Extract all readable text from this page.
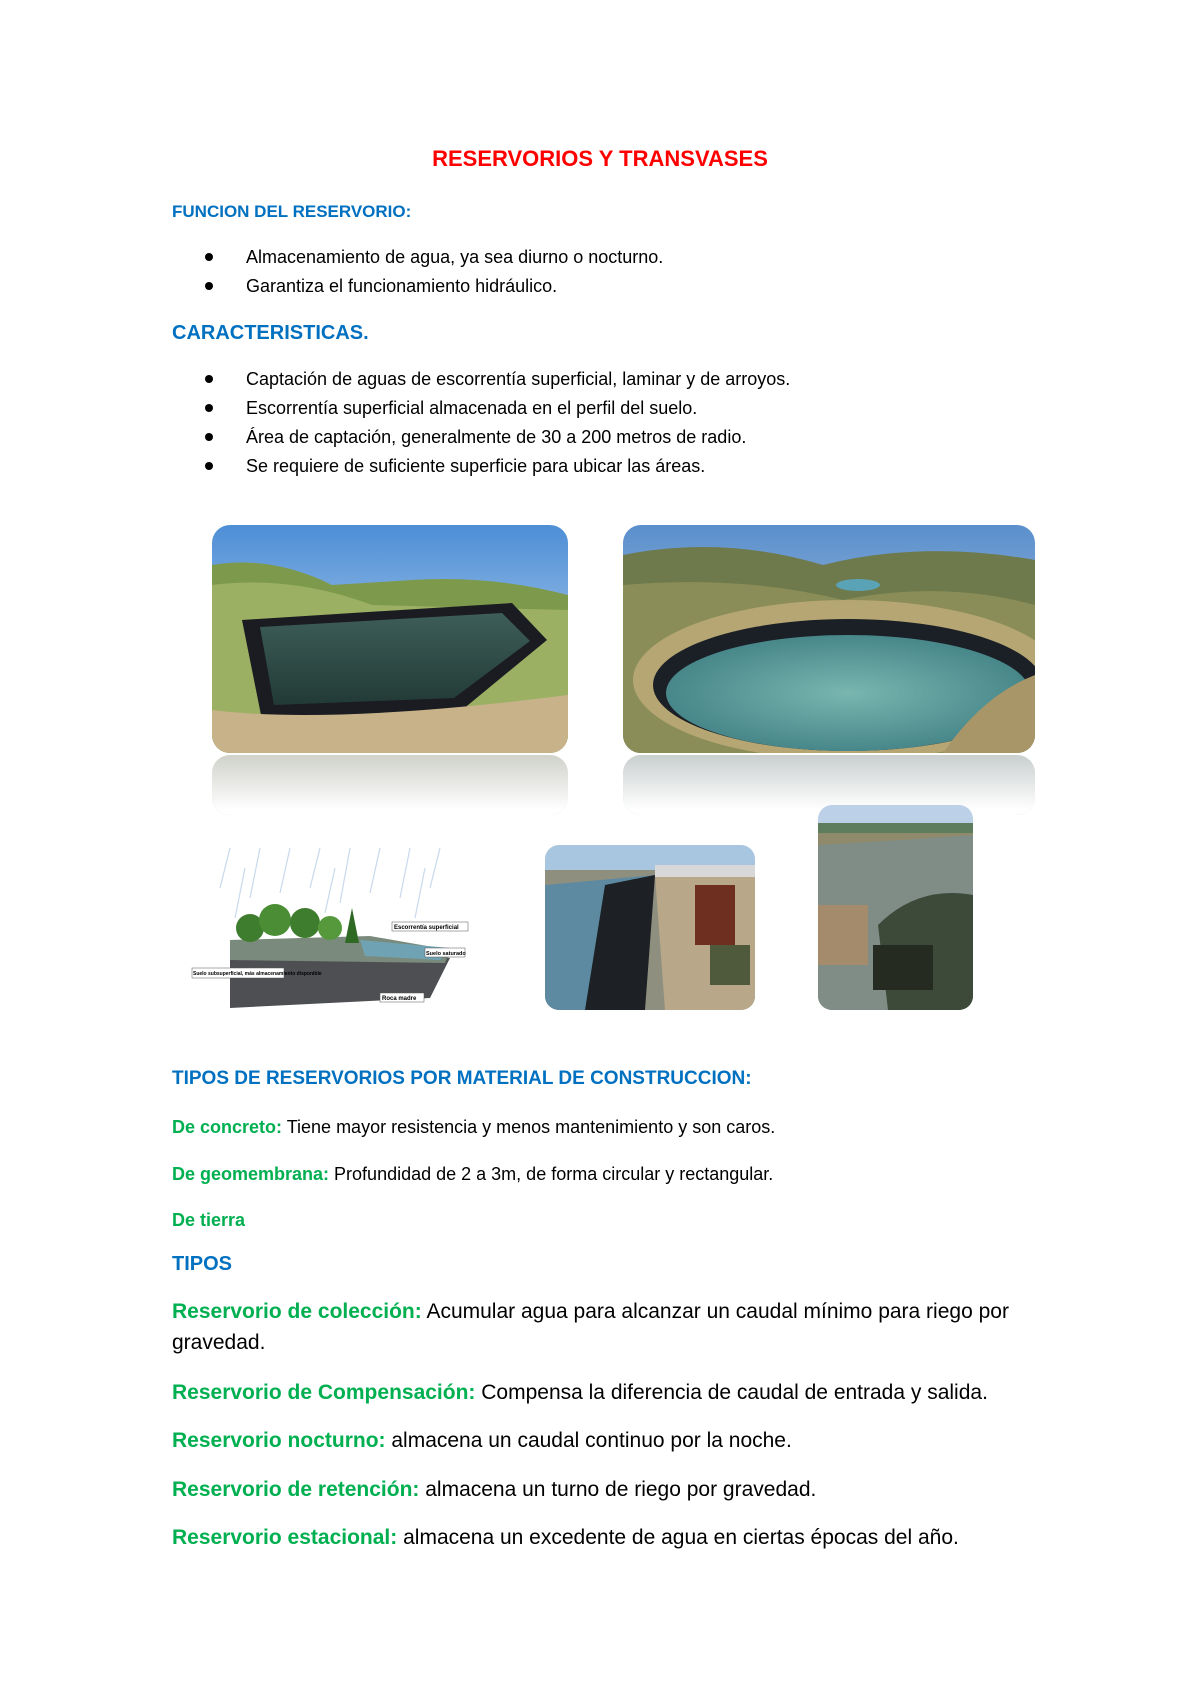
RESERVORIOS Y TRANSVASES
FUNCION DEL RESERVORIO:
Almacenamiento de agua, ya sea diurno o nocturno.
Garantiza el funcionamiento hidráulico.
CARACTERISTICAS.
Captación de aguas de escorrentía superficial, laminar y de arroyos.
Escorrentía superficial almacenada en el perfil del suelo.
Área de captación, generalmente de 30 a 200 metros de radio.
Se requiere de suficiente superficie para ubicar las áreas.
Escorrentía superficial
Suelo saturado
Suelo subsuperficial, más almacenamiento disponible
Roca madre
TIPOS DE RESERVORIOS POR MATERIAL DE CONSTRUCCION:
De concreto: Tiene mayor resistencia y menos mantenimiento y son caros.
De geomembrana: Profundidad de 2 a 3m, de forma circular y rectangular.
De tierra
TIPOS
Reservorio de colección: Acumular agua para alcanzar un caudal mínimo para riego por gravedad.
Reservorio de Compensación: Compensa la diferencia de caudal de entrada y salida.
Reservorio nocturno: almacena un caudal continuo por la noche.
Reservorio de retención: almacena un turno de riego por gravedad.
Reservorio estacional: almacena un excedente de agua en ciertas épocas del año.
